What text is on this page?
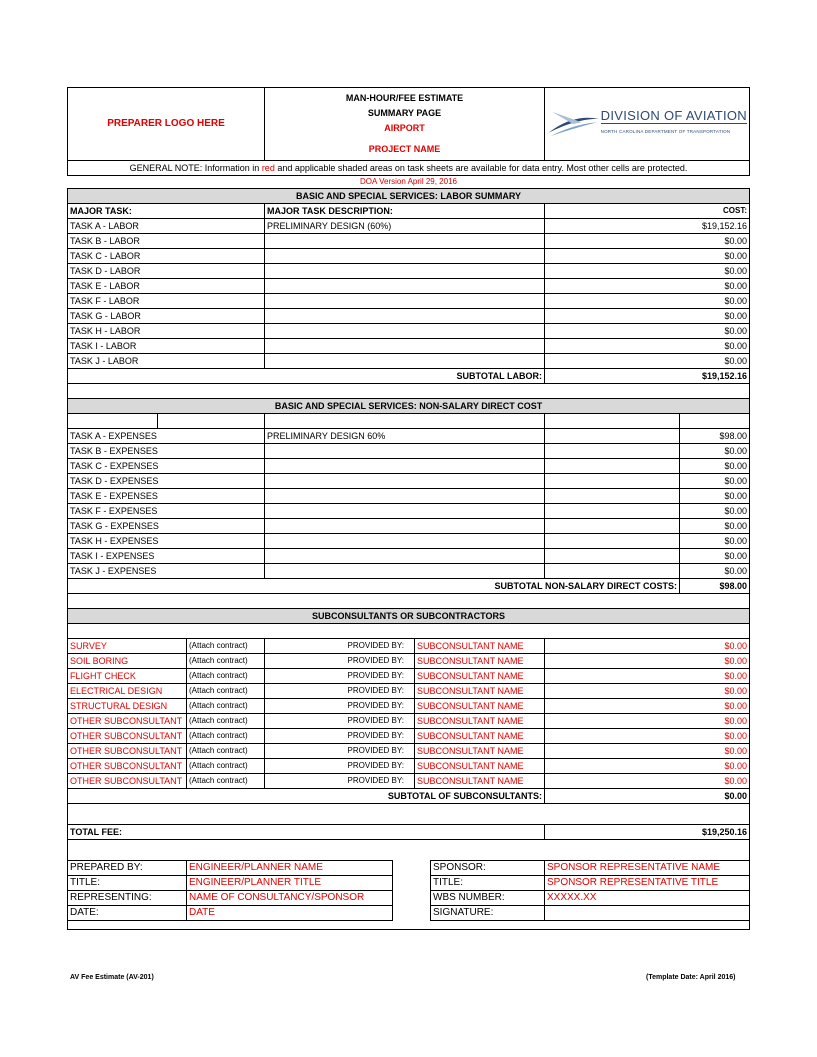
PREPARER LOGO HERE	
MAN-HOUR/FEE ESTIMATE
SUMMARY PAGE
AIRPORT
PROJECT NAME

DIVISION OF AVIATION
NORTH CAROLINA DEPARTMENT OF TRANSPORTATION

GENERAL NOTE: Information in red and applicable shaded areas on task sheets are available for data entry. Most other cells are protected.
DOA Version April 29, 2016
BASIC AND SPECIAL SERVICES: LABOR SUMMARY		
MAJOR TASK:	MAJOR TASK DESCRIPTION:	COST:
TASK A - LABOR	PRELIMINARY DESIGN (60%)	$19,152.16
TASK B - LABOR		$0.00
TASK C - LABOR		$0.00
TASK D - LABOR		$0.00
TASK E - LABOR		$0.00
TASK F - LABOR		$0.00
TASK G - LABOR		$0.00
TASK H - LABOR		$0.00
TASK I - LABOR		$0.00
TASK J - LABOR		$0.00
	SUBTOTAL LABOR:	$19,152.16

BASIC AND SPECIAL SERVICES: NON-SALARY DIRECT COST				

TASK A - EXPENSES		PRELIMINARY DESIGN 60%		$98.00
TASK B - EXPENSES				$0.00
TASK C - EXPENSES				$0.00
TASK D - EXPENSES				$0.00
TASK E - EXPENSES				$0.00
TASK F - EXPENSES				$0.00
TASK G - EXPENSES				$0.00
TASK H - EXPENSES				$0.00
TASK I - EXPENSES				$0.00
TASK J - EXPENSES				$0.00
		SUBTOTAL NON-SALARY DIRECT COSTS:		$98.00

SUBCONSULTANTS OR SUBCONTRACTORS				

SURVEY	(Attach contract)	PROVIDED BY:	SUBCONSULTANT NAME	$0.00
SOIL BORING	(Attach contract)	PROVIDED BY:	SUBCONSULTANT NAME	$0.00
FLIGHT CHECK	(Attach contract)	PROVIDED BY:	SUBCONSULTANT NAME	$0.00
ELECTRICAL DESIGN	(Attach contract)	PROVIDED BY:	SUBCONSULTANT NAME	$0.00
STRUCTURAL DESIGN	(Attach contract)	PROVIDED BY:	SUBCONSULTANT NAME	$0.00
OTHER SUBCONSULTANT	(Attach contract)	PROVIDED BY:	SUBCONSULTANT NAME	$0.00
OTHER SUBCONSULTANT	(Attach contract)	PROVIDED BY:	SUBCONSULTANT NAME	$0.00
OTHER SUBCONSULTANT	(Attach contract)	PROVIDED BY:	SUBCONSULTANT NAME	$0.00
OTHER SUBCONSULTANT	(Attach contract)	PROVIDED BY:	SUBCONSULTANT NAME	$0.00
OTHER SUBCONSULTANT	(Attach contract)	PROVIDED BY:	SUBCONSULTANT NAME	$0.00
		SUBTOTAL OF SUBCONSULTANTS:		$0.00

TOTAL FEE:				$19,250.16

PREPARED BY:	ENGINEER/PLANNER NAME		SPONSOR:	SPONSOR REPRESENTATIVE NAME
TITLE:	ENGINEER/PLANNER TITLE		TITLE:	SPONSOR REPRESENTATIVE TITLE
REPRESENTING:	NAME OF CONSULTANCY/SPONSOR		WBS NUMBER:	XXXXX.XX
DATE:	DATE		SIGNATURE:	

AV Fee Estimate (AV-201)	(Template Date: April 2016)
